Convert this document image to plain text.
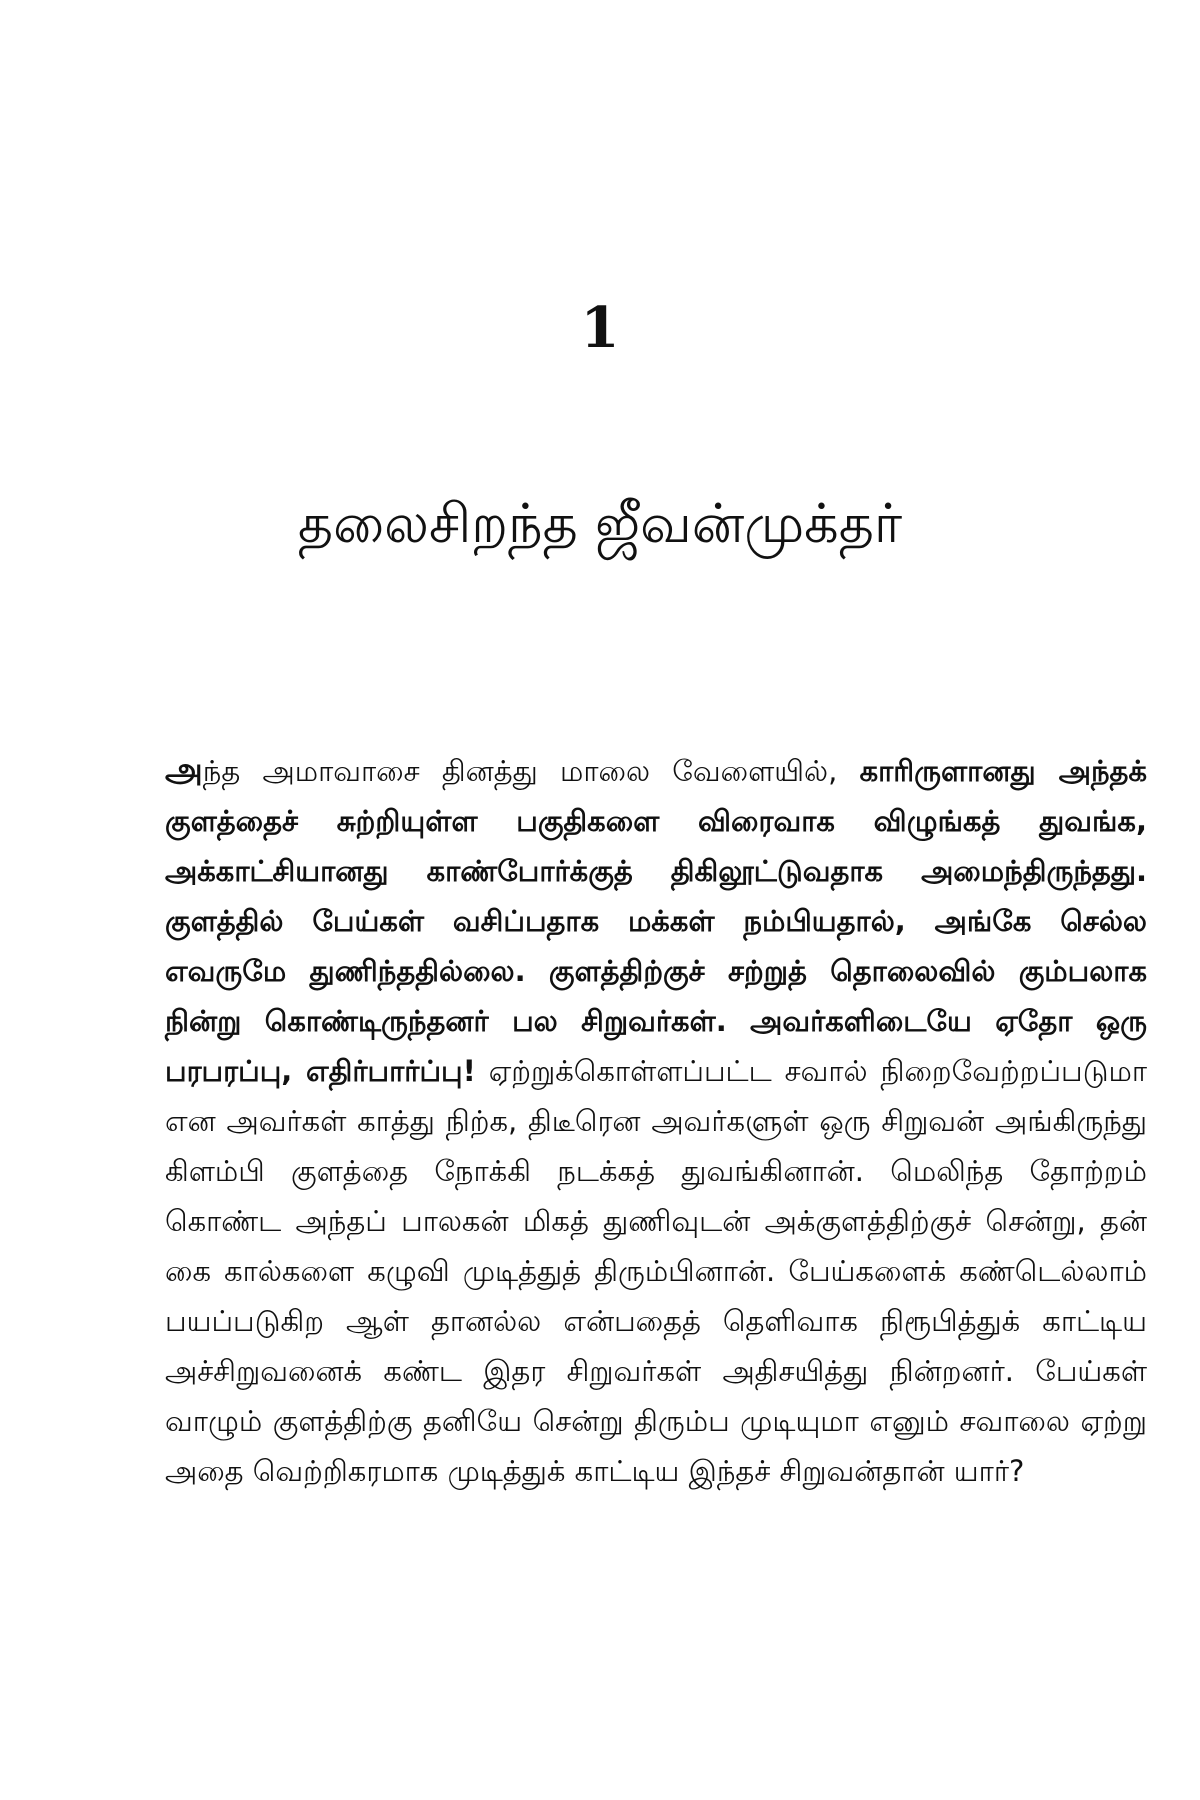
1
தலைசிறந்த ஜீவன்முக்தர்

அந்த அமாவாசை தினத்து மாலை வேளையில், காரிருளானது அந்தக் குளத்தைச் சுற்றியுள்ள பகுதிகளை விரைவாக விழுங்கத் துவங்க, அக்காட்சியானது காண்போர்க்குத் திகிலூட்டுவதாக அமைந்திருந்தது. குளத்தில் பேய்கள் வசிப்பதாக மக்கள் நம்பியதால், அங்கே செல்ல எவருமே துணிந்ததில்லை. குளத்திற்குச் சற்றுத் தொலைவில் கும்பலாக நின்று கொண்டிருந்தனர் பல சிறுவர்கள். அவர்களிடையே ஏதோ ஒரு பரபரப்பு, எதிர்பார்ப்பு! ஏற்றுக்கொள்ளப்பட்ட சவால் நிறைவேற்றப்படுமா என அவர்கள் காத்து நிற்க, திடீரென அவர்களுள் ஒரு சிறுவன் அங்கிருந்து கிளம்பி குளத்தை நோக்கி நடக்கத் துவங்கினான். மெலிந்த தோற்றம் கொண்ட அந்தப் பாலகன் மிகத் துணிவுடன் அக்குளத்திற்குச் சென்று, தன் கை கால்களை கழுவி முடித்துத் திரும்பினான். பேய்களைக் கண்டெல்லாம் பயப்படுகிற ஆள் தானல்ல என்பதைத் தெளிவாக நிரூபித்துக் காட்டிய அச்சிறுவனைக் கண்ட இதர சிறுவர்கள் அதிசயித்து நின்றனர். பேய்கள் வாழும் குளத்திற்கு தனியே சென்று திரும்ப முடியுமா எனும் சவாலை ஏற்று அதை வெற்றிகரமாக முடித்துக் காட்டிய இந்தச் சிறுவன்தான் யார்?
